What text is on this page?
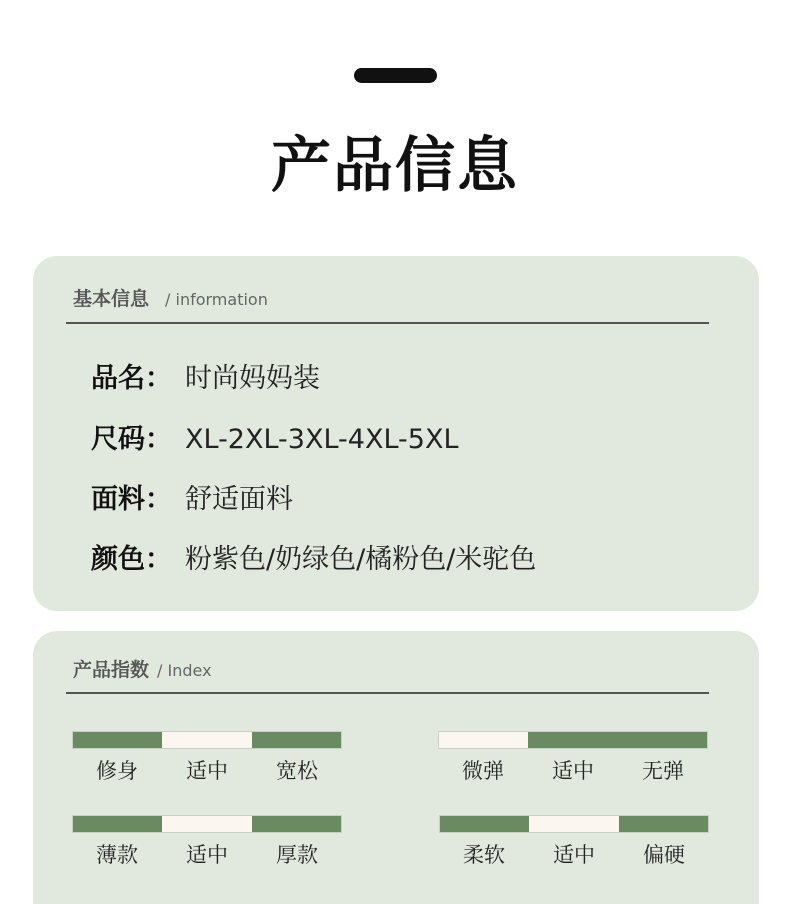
产品信息
基本信息 / information
品名： 时尚妈妈装
尺码： XL-2XL-3XL-4XL-5XL
面料： 舒适面料
颜色： 粉紫色/奶绿色/橘粉色/米驼色
产品指数 / Index
修身	适中	宽松	微弹	适中	无弹
薄款	适中	厚款	柔软	适中	偏硬
